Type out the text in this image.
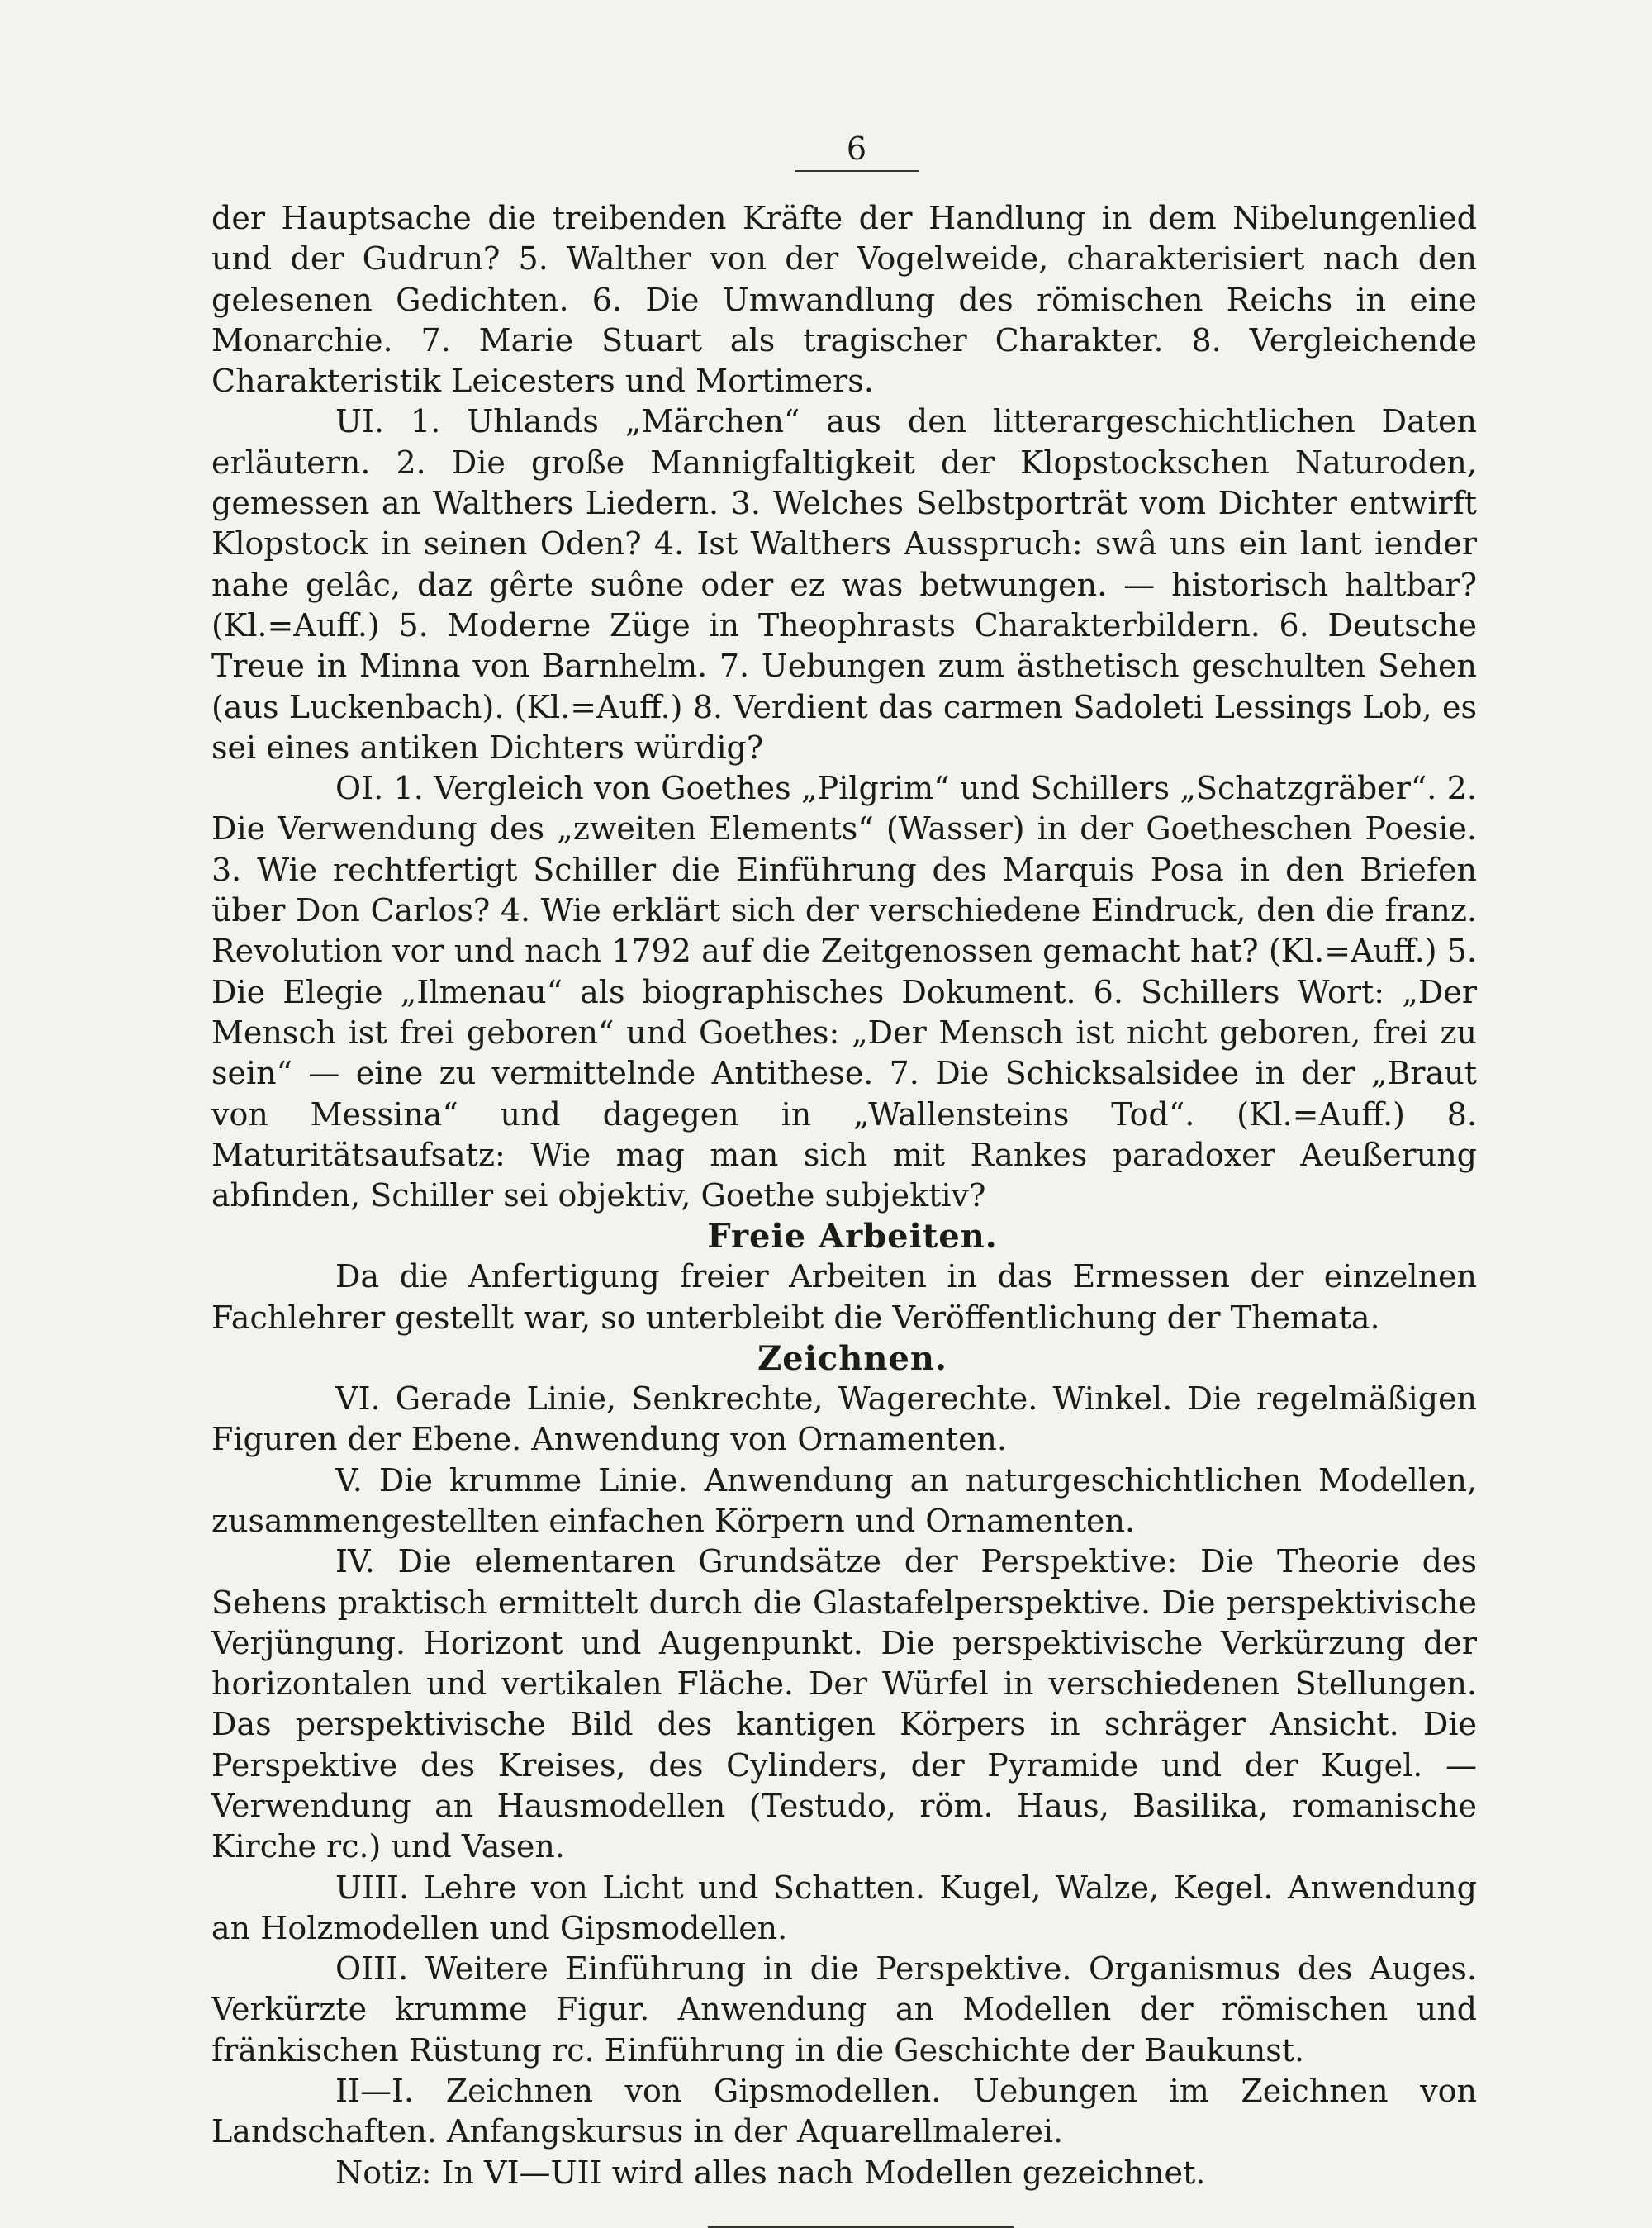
6

der Hauptsache die treibenden Kräfte der Handlung in dem Nibelungenlied und der Gudrun? 5. Walther von der Vogelweide, charakterisiert nach den gelesenen Gedichten. 6. Die Umwandlung des römischen Reichs in eine Monarchie. 7. Marie Stuart als tragischer Charakter. 8. Vergleichende Charakteristik Leicesters und Mortimers.

UI. 1. Uhlands „Märchen“ aus den litterargeschichtlichen Daten erläutern. 2. Die große Mannigfaltigkeit der Klopstockschen Naturoden, gemessen an Walthers Liedern. 3. Welches Selbstporträt vom Dichter entwirft Klopstock in seinen Oden? 4. Ist Walthers Ausspruch: swâ uns ein lant iender nahe gelâc, daz gêrte suône oder ez was betwungen. — historisch haltbar? (Kl.=Auff.) 5. Moderne Züge in Theophrasts Charakterbildern. 6. Deutsche Treue in Minna von Barnhelm. 7. Uebungen zum ästhetisch geschulten Sehen (aus Luckenbach). (Kl.=Auff.) 8. Verdient das carmen Sadoleti Lessings Lob, es sei eines antiken Dichters würdig?

OI. 1. Vergleich von Goethes „Pilgrim“ und Schillers „Schatzgräber“. 2. Die Verwendung des „zweiten Elements“ (Wasser) in der Goetheschen Poesie. 3. Wie rechtfertigt Schiller die Einführung des Marquis Posa in den Briefen über Don Carlos? 4. Wie erklärt sich der verschiedene Eindruck, den die franz. Revolution vor und nach 1792 auf die Zeitgenossen gemacht hat? (Kl.=Auff.) 5. Die Elegie „Ilmenau“ als biographisches Dokument. 6. Schillers Wort: „Der Mensch ist frei geboren“ und Goethes: „Der Mensch ist nicht geboren, frei zu sein“ — eine zu vermittelnde Antithese. 7. Die Schicksalsidee in der „Braut von Messina“ und dagegen in „Wallensteins Tod“. (Kl.=Auff.) 8. Maturitätsaufsatz: Wie mag man sich mit Rankes paradoxer Aeußerung abfinden, Schiller sei objektiv, Goethe subjektiv?

Freie Arbeiten.

Da die Anfertigung freier Arbeiten in das Ermessen der einzelnen Fachlehrer gestellt war, so unterbleibt die Veröffentlichung der Themata.

Zeichnen.

VI. Gerade Linie, Senkrechte, Wagerechte. Winkel. Die regelmäßigen Figuren der Ebene. Anwendung von Ornamenten.

V. Die krumme Linie. Anwendung an naturgeschichtlichen Modellen, zusammengestellten einfachen Körpern und Ornamenten.

IV. Die elementaren Grundsätze der Perspektive: Die Theorie des Sehens praktisch ermittelt durch die Glastafelperspektive. Die perspektivische Verjüngung. Horizont und Augenpunkt. Die perspektivische Verkürzung der horizontalen und vertikalen Fläche. Der Würfel in verschiedenen Stellungen. Das perspektivische Bild des kantigen Körpers in schräger Ansicht. Die Perspektive des Kreises, des Cylinders, der Pyramide und der Kugel. — Verwendung an Hausmodellen (Testudo, röm. Haus, Basilika, romanische Kirche rc.) und Vasen.

UIII. Lehre von Licht und Schatten. Kugel, Walze, Kegel. Anwendung an Holzmodellen und Gipsmodellen.

OIII. Weitere Einführung in die Perspektive. Organismus des Auges. Verkürzte krumme Figur. Anwendung an Modellen der römischen und fränkischen Rüstung rc. Einführung in die Geschichte der Baukunst.

II—I. Zeichnen von Gipsmodellen. Uebungen im Zeichnen von Landschaften. Anfangskursus in der Aquarellmalerei.

Notiz: In VI—UII wird alles nach Modellen gezeichnet.
